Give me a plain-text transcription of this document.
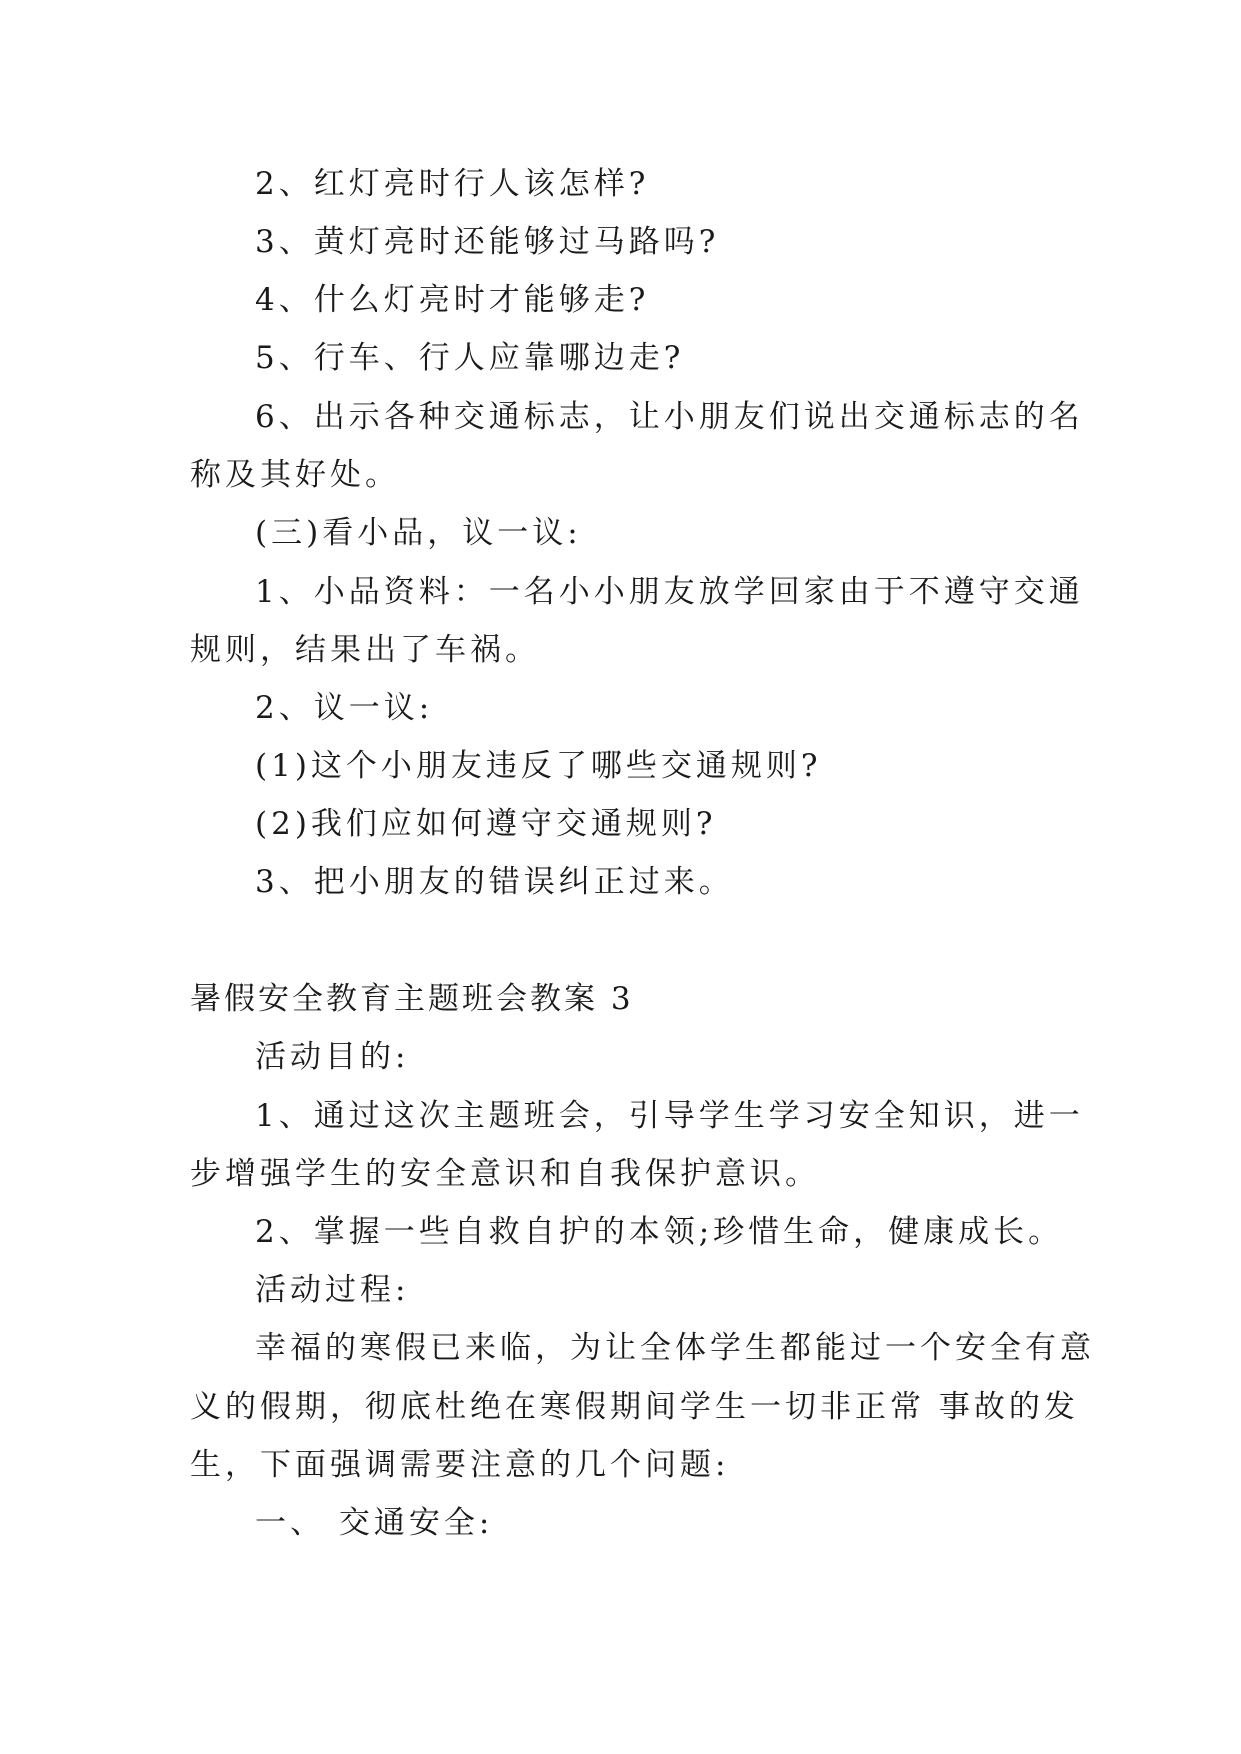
2、红灯亮时行人该怎样?
3、黄灯亮时还能够过马路吗?
4、什么灯亮时才能够走?
5、行车、行人应靠哪边走?
6、出示各种交通标志，让小朋友们说出交通标志的名
称及其好处。
(三)看小品，议一议:
1、小品资料：一名小小朋友放学回家由于不遵守交通
规则，结果出了车祸。
2、议一议:
(1)这个小朋友违反了哪些交通规则?
(2)我们应如何遵守交通规则?
3、把小朋友的错误纠正过来。
暑假安全教育主题班会教案 3
活动目的:
1、通过这次主题班会，引导学生学习安全知识，进一
步增强学生的安全意识和自我保护意识。
2、掌握一些自救自护的本领;珍惜生命，健康成长。
活动过程:
幸福的寒假已来临，为让全体学生都能过一个安全有意
义的假期，彻底杜绝在寒假期间学生一切非正常 事故的发
生，下面强调需要注意的几个问题:
一、 交通安全:
